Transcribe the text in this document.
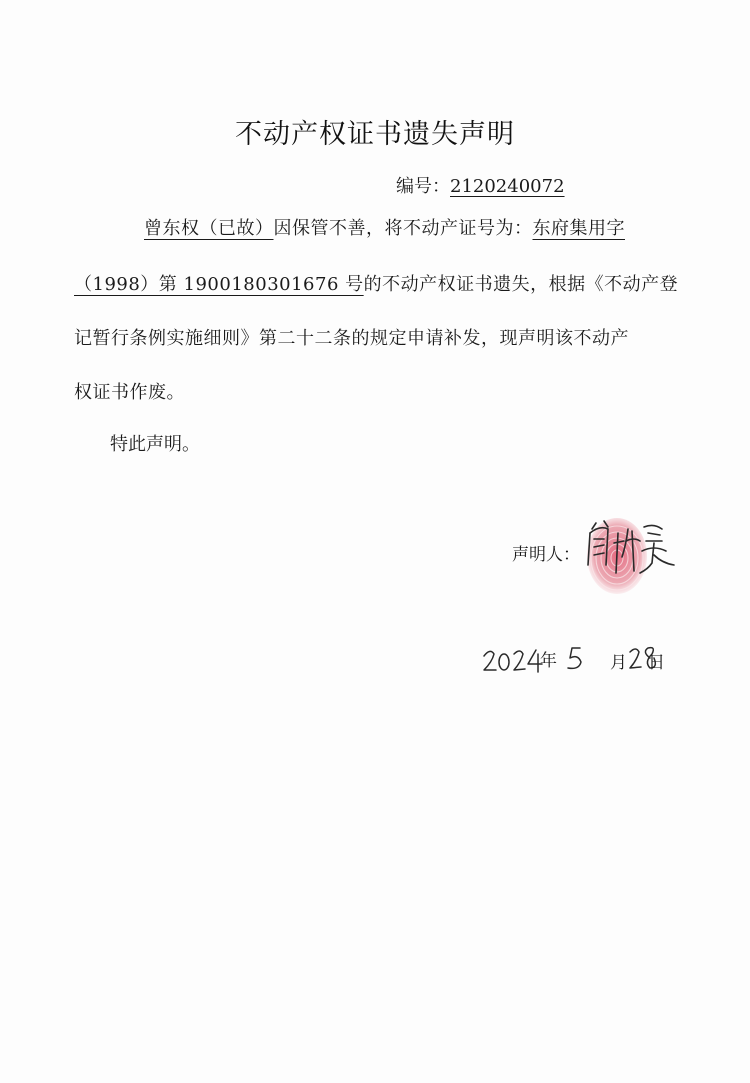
不动产权证书遗失声明
编号：2120240072
曾东权（已故）因保管不善，将不动产证号为：东府集用字
（1998）第 1900180301676 号的不动产权证书遗失，根据《不动产登
记暂行条例实施细则》第二十二条的规定申请补发，现声明该不动产
权证书作废。
特此声明。
声明人：
年	月 日
